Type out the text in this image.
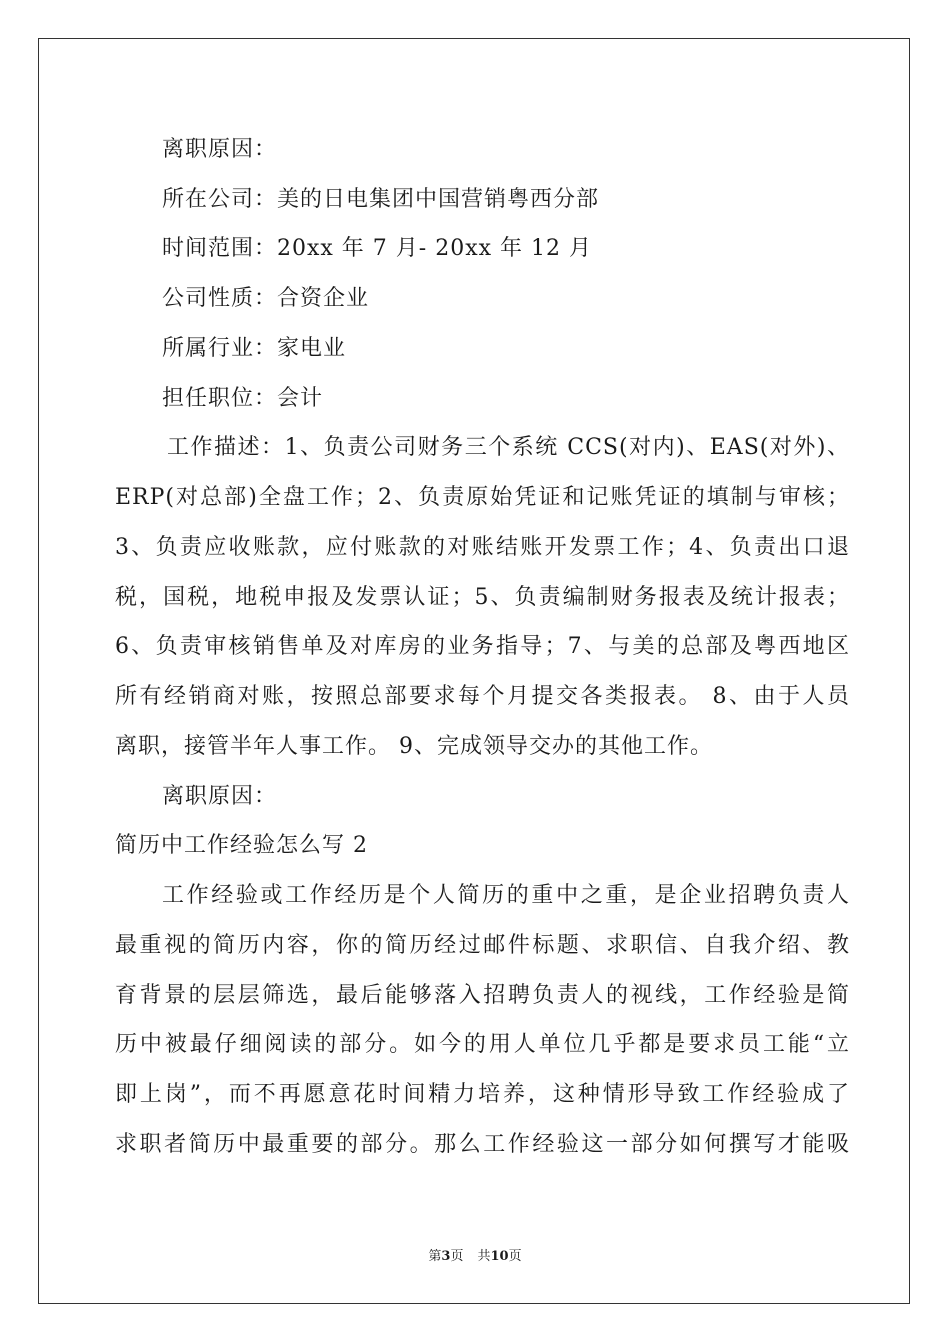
离职原因：
所在公司：美的日电集团中国营销粤西分部
时间范围：20xx 年 7 月- 20xx 年 12 月
公司性质：合资企业
所属行业：家电业
担任职位：会计
工作描述：1、负责公司财务三个系统 CCS(对内)、EAS(对外)、
ERP(对总部)全盘工作；2、负责原始凭证和记账凭证的填制与审核；
3、负责应收账款，应付账款的对账结账开发票工作；4、负责出口退
税，国税，地税申报及发票认证；5、负责编制财务报表及统计报表；
6、负责审核销售单及对库房的业务指导；7、与美的总部及粤西地区
所有经销商对账，按照总部要求每个月提交各类报表。 8、由于人员
离职，接管半年人事工作。 9、完成领导交办的其他工作。
离职原因：
简历中工作经验怎么写 2
工作经验或工作经历是个人简历的重中之重，是企业招聘负责人
最重视的简历内容，你的简历经过邮件标题、求职信、自我介绍、教
育背景的层层筛选，最后能够落入招聘负责人的视线，工作经验是简
历中被最仔细阅读的部分。如今的用人单位几乎都是要求员工能“立
即上岗”，而不再愿意花时间精力培养，这种情形导致工作经验成了
求职者简历中最重要的部分。那么工作经验这一部分如何撰写才能吸
第3页 共10页
